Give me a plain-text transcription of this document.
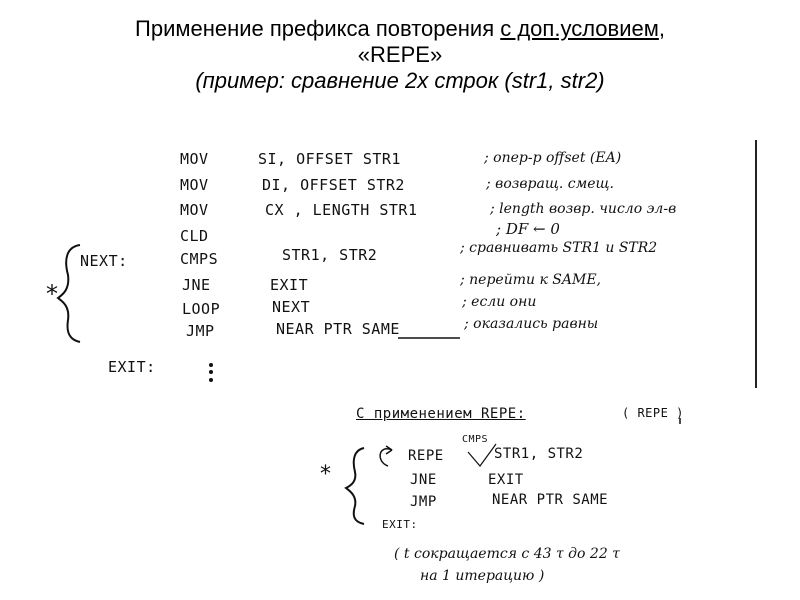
Применение префикса повторения с доп.условием,
«REPE»
(пример: сравнение 2х строк (str1, str2)
MOV	SI, OFFSET STR1	; опер-р offset (EA)
MOV	DI, OFFSET STR2	; возвращ. смещ.
MOV	CX , LENGTH STR1	; length возвр. число эл-в
CLD	; DF ← 0
NEXT:	CMPS	STR1, STR2	; сравнивать STR1 и STR2
JNE	EXIT	; перейти к SAME,
LOOP	NEXT	; если они
JMP	NEAR PTR SAME	; оказались равны
EXIT:
*
С применением REPE:	( REPE )
CMPS
REPE	STR1, STR2
JNE	EXIT
JMP	NEAR PTR SAME
EXIT:
*
( t сокращается с 43 τ до 22 τ
на 1 итерацию )
